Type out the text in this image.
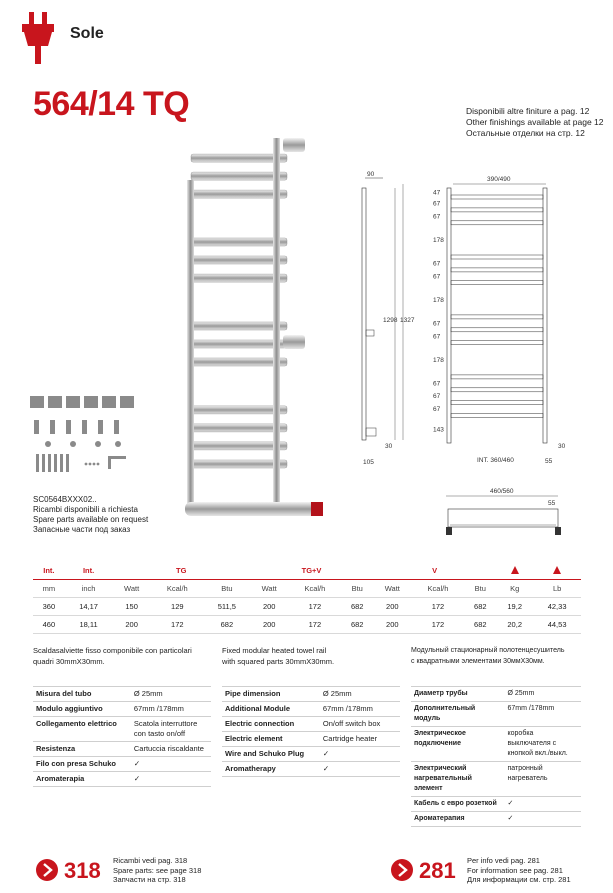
Sole
564/14 TQ	Disponibili altre finiture a pag. 12
Other finishings available at page 12
Остальные отделки на стр. 12
SC0564BXXX02..
Ricambi disponibili a richiesta
Spare parts available on request
Запасные части под заказ
90
1298 1327
30
105
390/490
47
67
67
178
67
67
178
67
67
178
67
67
67
143
INT. 360/460	55
30
460/560
55
Int.	Int.	TG			TG+V			V		
mm	inch	Watt	Kcal/h	Btu	Watt	Kcal/h	Btu	Watt	Kcal/h	Btu	Kg	Lb
360	14,17	150	129	511,5	200	172	682	200	172	682	19,2	42,33
460	18,11	200	172	682	200	172	682	200	172	682	20,2	44,53
Scaldasalviette fisso componibile con particolari
quadri 30mmX30mm.
Fixed modular heated towel rail
with squared parts 30mmX30mm.
Модульный стационарный полотенцесушитель
с квадратными элементами 30ммX30мм.
Misura del tubo	Ø 25mm
Modulo aggiuntivo	67mm /178mm
Collegamento elettrico	Scatola interruttore con tasto on/off
Resistenza	Cartuccia riscaldante
Filo con presa Schuko	✓
Aromaterapia	✓
Pipe dimension	Ø 25mm
Additional Module	67mm /178mm
Electric connection	On/off switch box
Electric element	Cartridge heater
Wire and Schuko Plug	✓
Aromatherapy	✓
Диаметр трубы	Ø 25mm
Дополнительный модуль	67mm /178mm
Электрическое подключение	коробка выключателя с кнопкой вкл./выкл.
Электрический нагревательный элемент	патронный нагреватель
Кабель с евро розеткой	✓
Ароматерапия	✓
318 Ricambi vedi pag. 318
Spare parts: see page 318
Запчасти на стр. 318	281 Per info vedi pag. 281
For information see pag. 281
Для информации см. стр. 281
